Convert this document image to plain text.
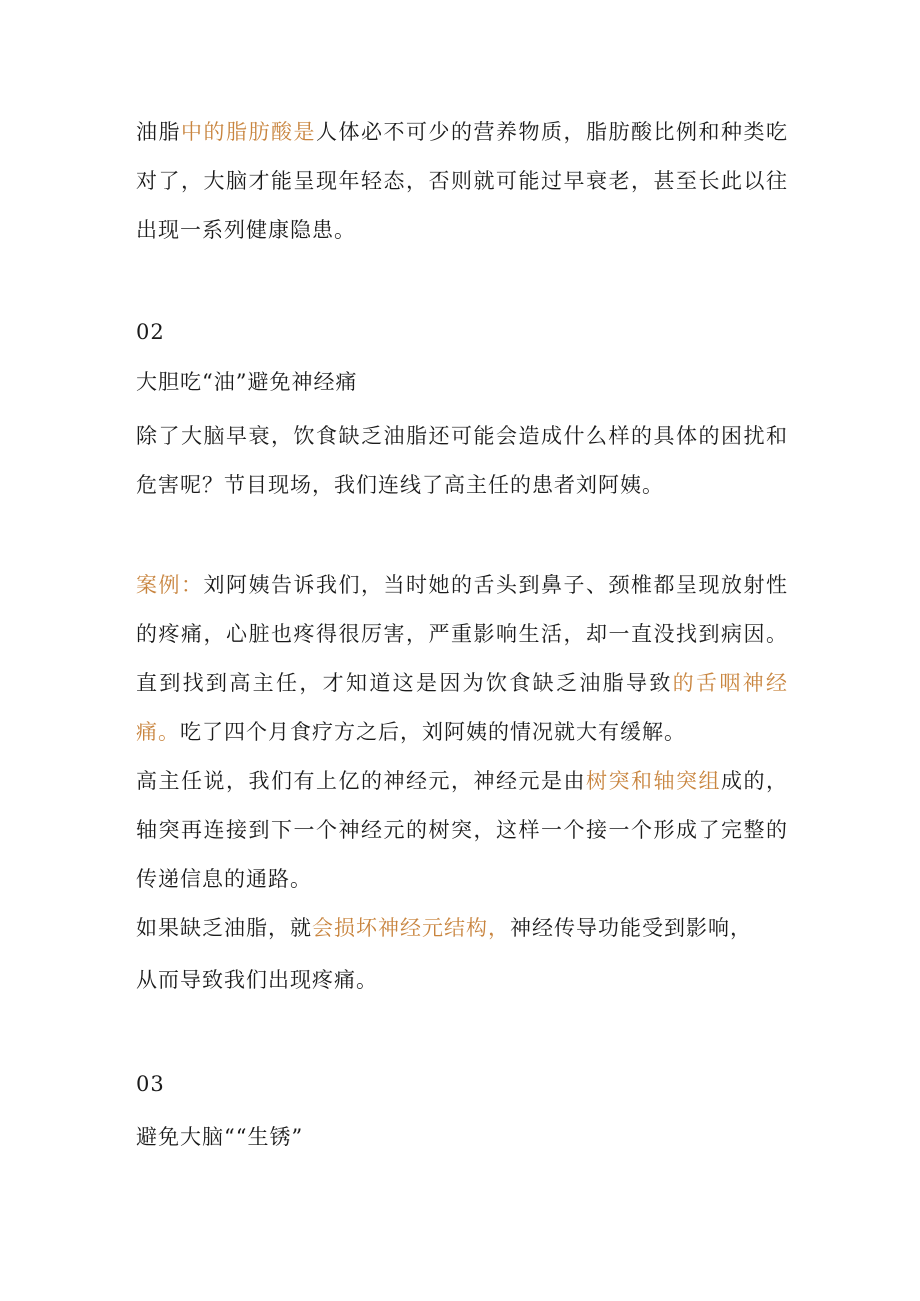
油脂中的脂肪酸是人体必不可少的营养物质，脂肪酸比例和种类吃对了，大脑才能呈现年轻态，否则就可能过早衰老，甚至长此以往出现一系列健康隐患。

02

大胆吃“油”避免神经痛

除了大脑早衰，饮食缺乏油脂还可能会造成什么样的具体的困扰和危害呢？节目现场，我们连线了高主任的患者刘阿姨。

案例：刘阿姨告诉我们，当时她的舌头到鼻子、颈椎都呈现放射性的疼痛，心脏也疼得很厉害，严重影响生活，却一直没找到病因。直到找到高主任，才知道这是因为饮食缺乏油脂导致的舌咽神经痛。吃了四个月食疗方之后，刘阿姨的情况就大有缓解。

高主任说，我们有上亿的神经元，神经元是由树突和轴突组成的，轴突再连接到下一个神经元的树突，这样一个接一个形成了完整的传递信息的通路。

如果缺乏油脂，就会损坏神经元结构，神经传导功能受到影响，

从而导致我们出现疼痛。

03

避免大脑““生锈”
